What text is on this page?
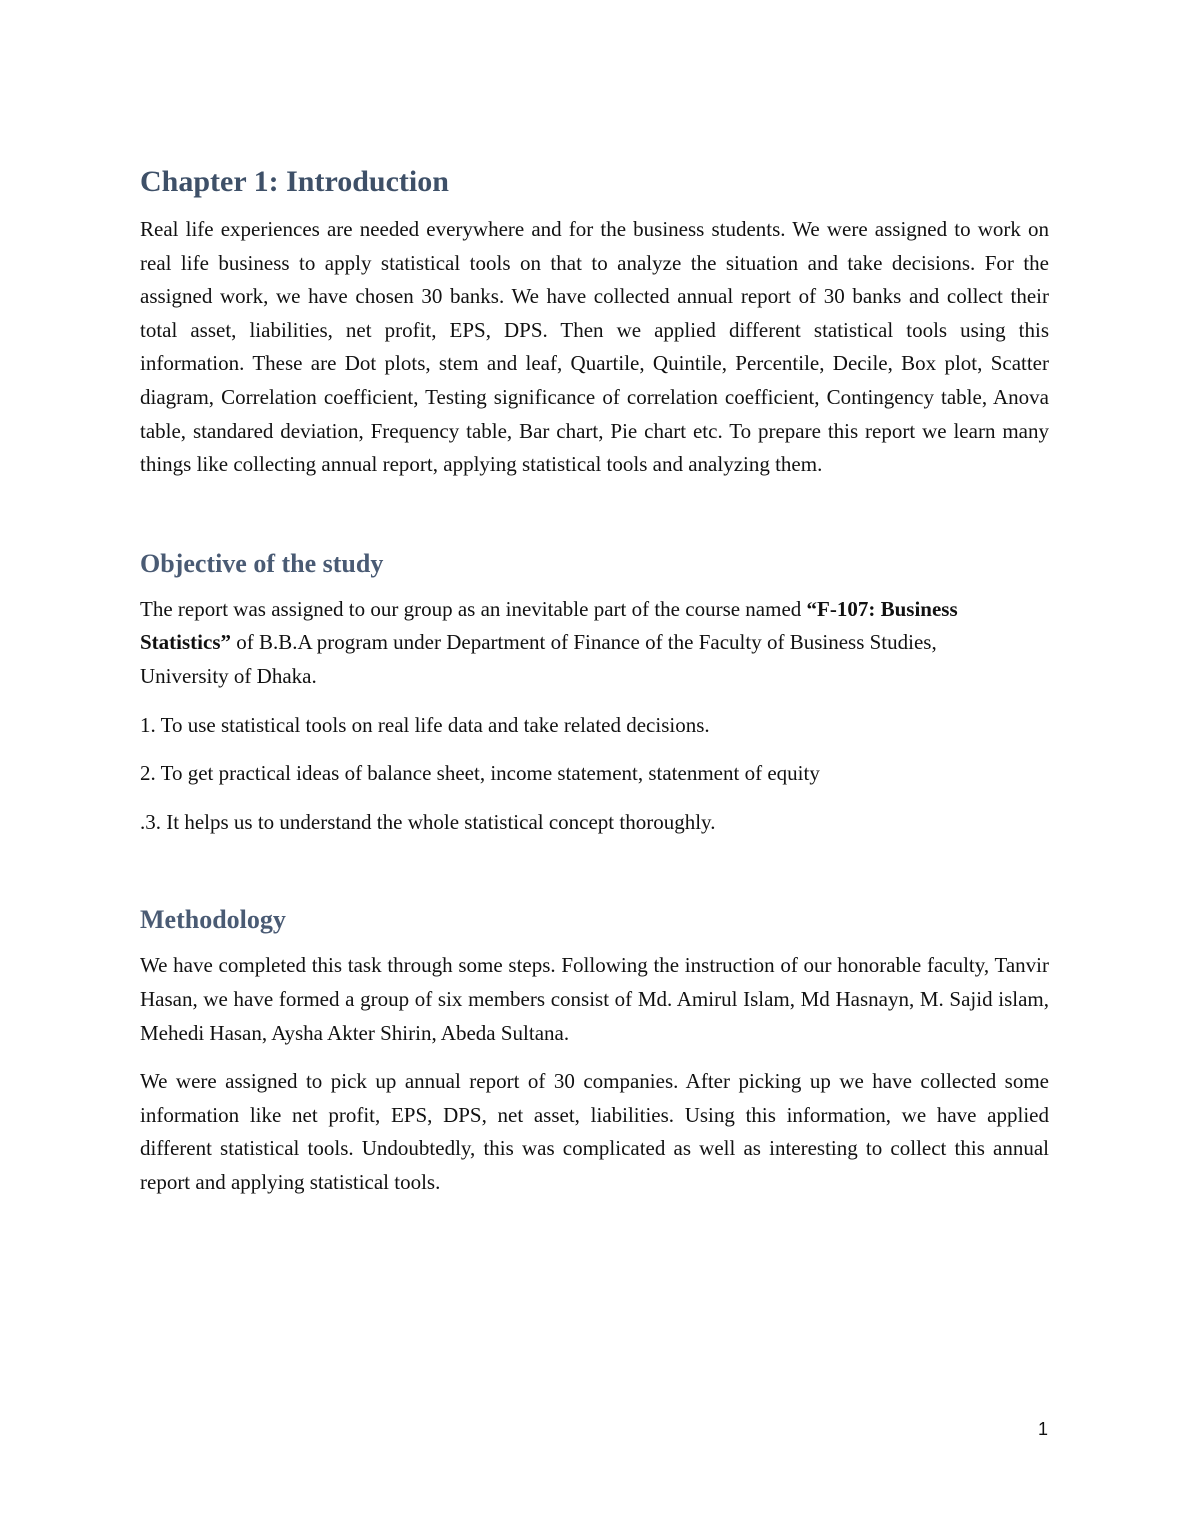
Chapter 1: Introduction

Real life experiences are needed everywhere and for the business students. We were assigned to work on real life business to apply statistical tools on that to analyze the situation and take decisions. For the assigned work, we have chosen 30 banks. We have collected annual report of 30 banks and collect their total asset, liabilities, net profit, EPS, DPS. Then we applied different statistical tools using this information. These are Dot plots, stem and leaf, Quartile, Quintile, Percentile, Decile, Box plot, Scatter diagram, Correlation coefficient, Testing significance of correlation coefficient, Contingency table, Anova table, standared deviation, Frequency table, Bar chart, Pie chart etc. To prepare this report we learn many things like collecting annual report, applying statistical tools and analyzing them.

Objective of the study

The report was assigned to our group as an inevitable part of the course named “F-107: Business
Statistics” of B.B.A program under Department of Finance of the Faculty of Business Studies,
University of Dhaka.

1. To use statistical tools on real life data and take related decisions.

2. To get practical ideas of balance sheet, income statement, statenment of equity

.3. It helps us to understand the whole statistical concept thoroughly.

Methodology

We have completed this task through some steps. Following the instruction of our honorable faculty, Tanvir Hasan, we have formed a group of six members consist of Md. Amirul Islam, Md Hasnayn, M. Sajid islam, Mehedi Hasan, Aysha Akter Shirin, Abeda Sultana.

We were assigned to pick up annual report of 30 companies. After picking up we have collected some information like net profit, EPS, DPS, net asset, liabilities. Using this information, we have applied different statistical tools. Undoubtedly, this was complicated as well as interesting to collect this annual report and applying statistical tools.

1
